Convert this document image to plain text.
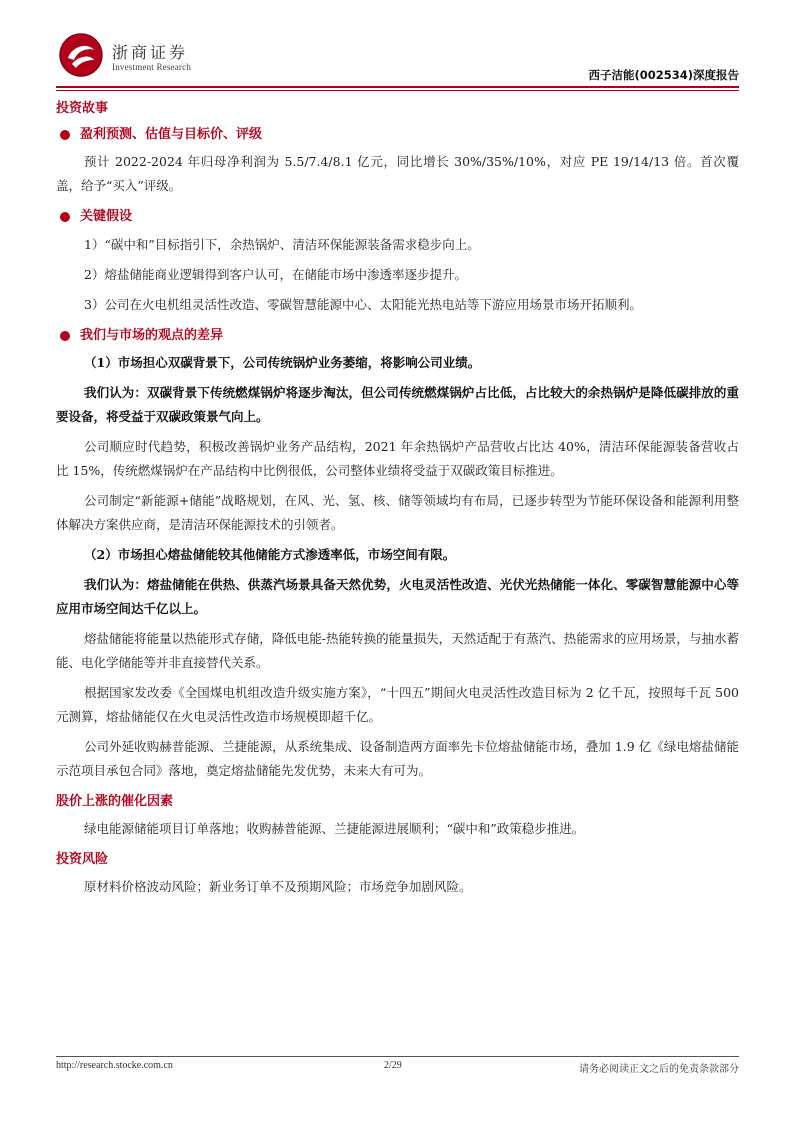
浙商证券
Investment Research
西子洁能(002534)深度报告
投资故事
盈利预测、估值与目标价、评级
预计 2022-2024 年归母净利润为 5.5/7.4/8.1 亿元，同比增长 30%/35%/10%，对应 PE 19/14/13 倍。首次覆盖，给予“买入”评级。
关键假设
1）“碳中和”目标指引下，余热锅炉、清洁环保能源装备需求稳步向上。
2）熔盐储能商业逻辑得到客户认可，在储能市场中渗透率逐步提升。
3）公司在火电机组灵活性改造、零碳智慧能源中心、太阳能光热电站等下游应用场景市场开拓顺利。
我们与市场的观点的差异
（1）市场担心双碳背景下，公司传统锅炉业务萎缩，将影响公司业绩。
我们认为：双碳背景下传统燃煤锅炉将逐步淘汰，但公司传统燃煤锅炉占比低，占比较大的余热锅炉是降低碳排放的重要设备，将受益于双碳政策景气向上。
公司顺应时代趋势，积极改善锅炉业务产品结构，2021 年余热锅炉产品营收占比达 40%，清洁环保能源装备营收占比 15%，传统燃煤锅炉在产品结构中比例很低，公司整体业绩将受益于双碳政策目标推进。
公司制定“新能源+储能”战略规划，在风、光、氢、核、储等领域均有布局，已逐步转型为节能环保设备和能源利用整体解决方案供应商，是清洁环保能源技术的引领者。
（2）市场担心熔盐储能较其他储能方式渗透率低，市场空间有限。
我们认为：熔盐储能在供热、供蒸汽场景具备天然优势，火电灵活性改造、光伏光热储能一体化、零碳智慧能源中心等应用市场空间达千亿以上。
熔盐储能将能量以热能形式存储，降低电能-热能转换的能量损失，天然适配于有蒸汽、热能需求的应用场景，与抽水蓄能、电化学储能等并非直接替代关系。
根据国家发改委《全国煤电机组改造升级实施方案》，“十四五”期间火电灵活性改造目标为 2 亿千瓦，按照每千瓦 500 元测算，熔盐储能仅在火电灵活性改造市场规模即超千亿。
公司外延收购赫普能源、兰捷能源，从系统集成、设备制造两方面率先卡位熔盐储能市场，叠加 1.9 亿《绿电熔盐储能示范项目承包合同》落地，奠定熔盐储能先发优势，未来大有可为。
股价上涨的催化因素
绿电能源储能项目订单落地；收购赫普能源、兰捷能源进展顺利；“碳中和”政策稳步推进。
投资风险
原材料价格波动风险；新业务订单不及预期风险；市场竞争加剧风险。
http://research.stocke.com.cn	2/29	请务必阅读正文之后的免责条款部分
